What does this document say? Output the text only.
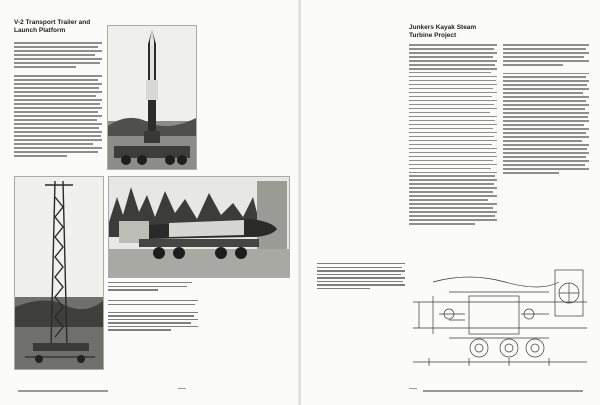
V-2 Transport Trailer and
Launch Platform	Junkers Kayak Steam
Turbine Project
